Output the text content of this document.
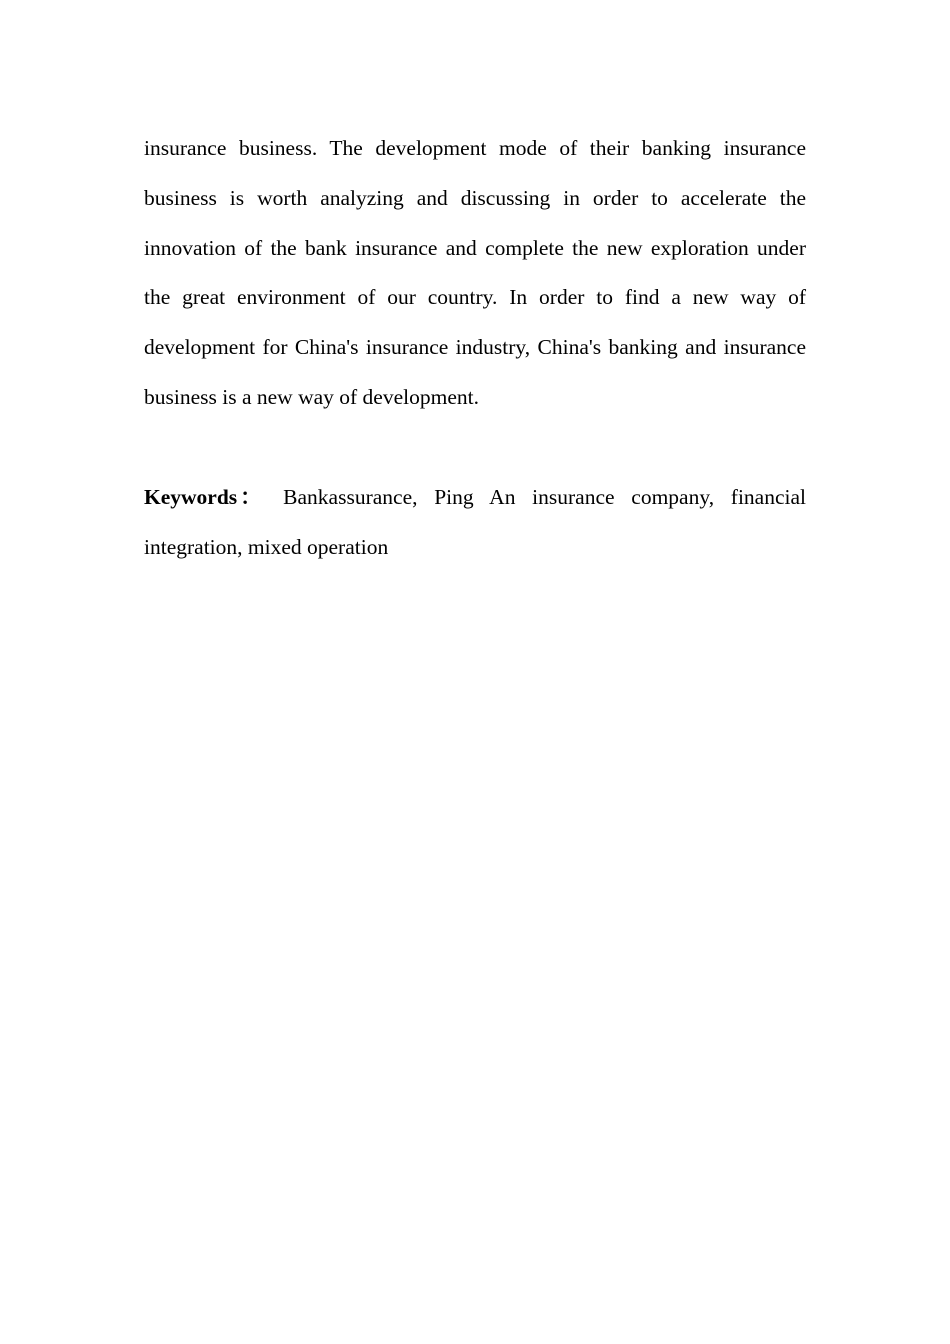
insurance business. The development mode of their banking insurance business is worth analyzing and discussing in order to accelerate the innovation of the bank insurance and complete the new exploration under the great environment of our country. In order to find a new way of development for China's insurance industry, China's banking and insurance business is a new way of development.

Keywords ： Bankassurance, Ping An insurance company, financial integration, mixed operation
